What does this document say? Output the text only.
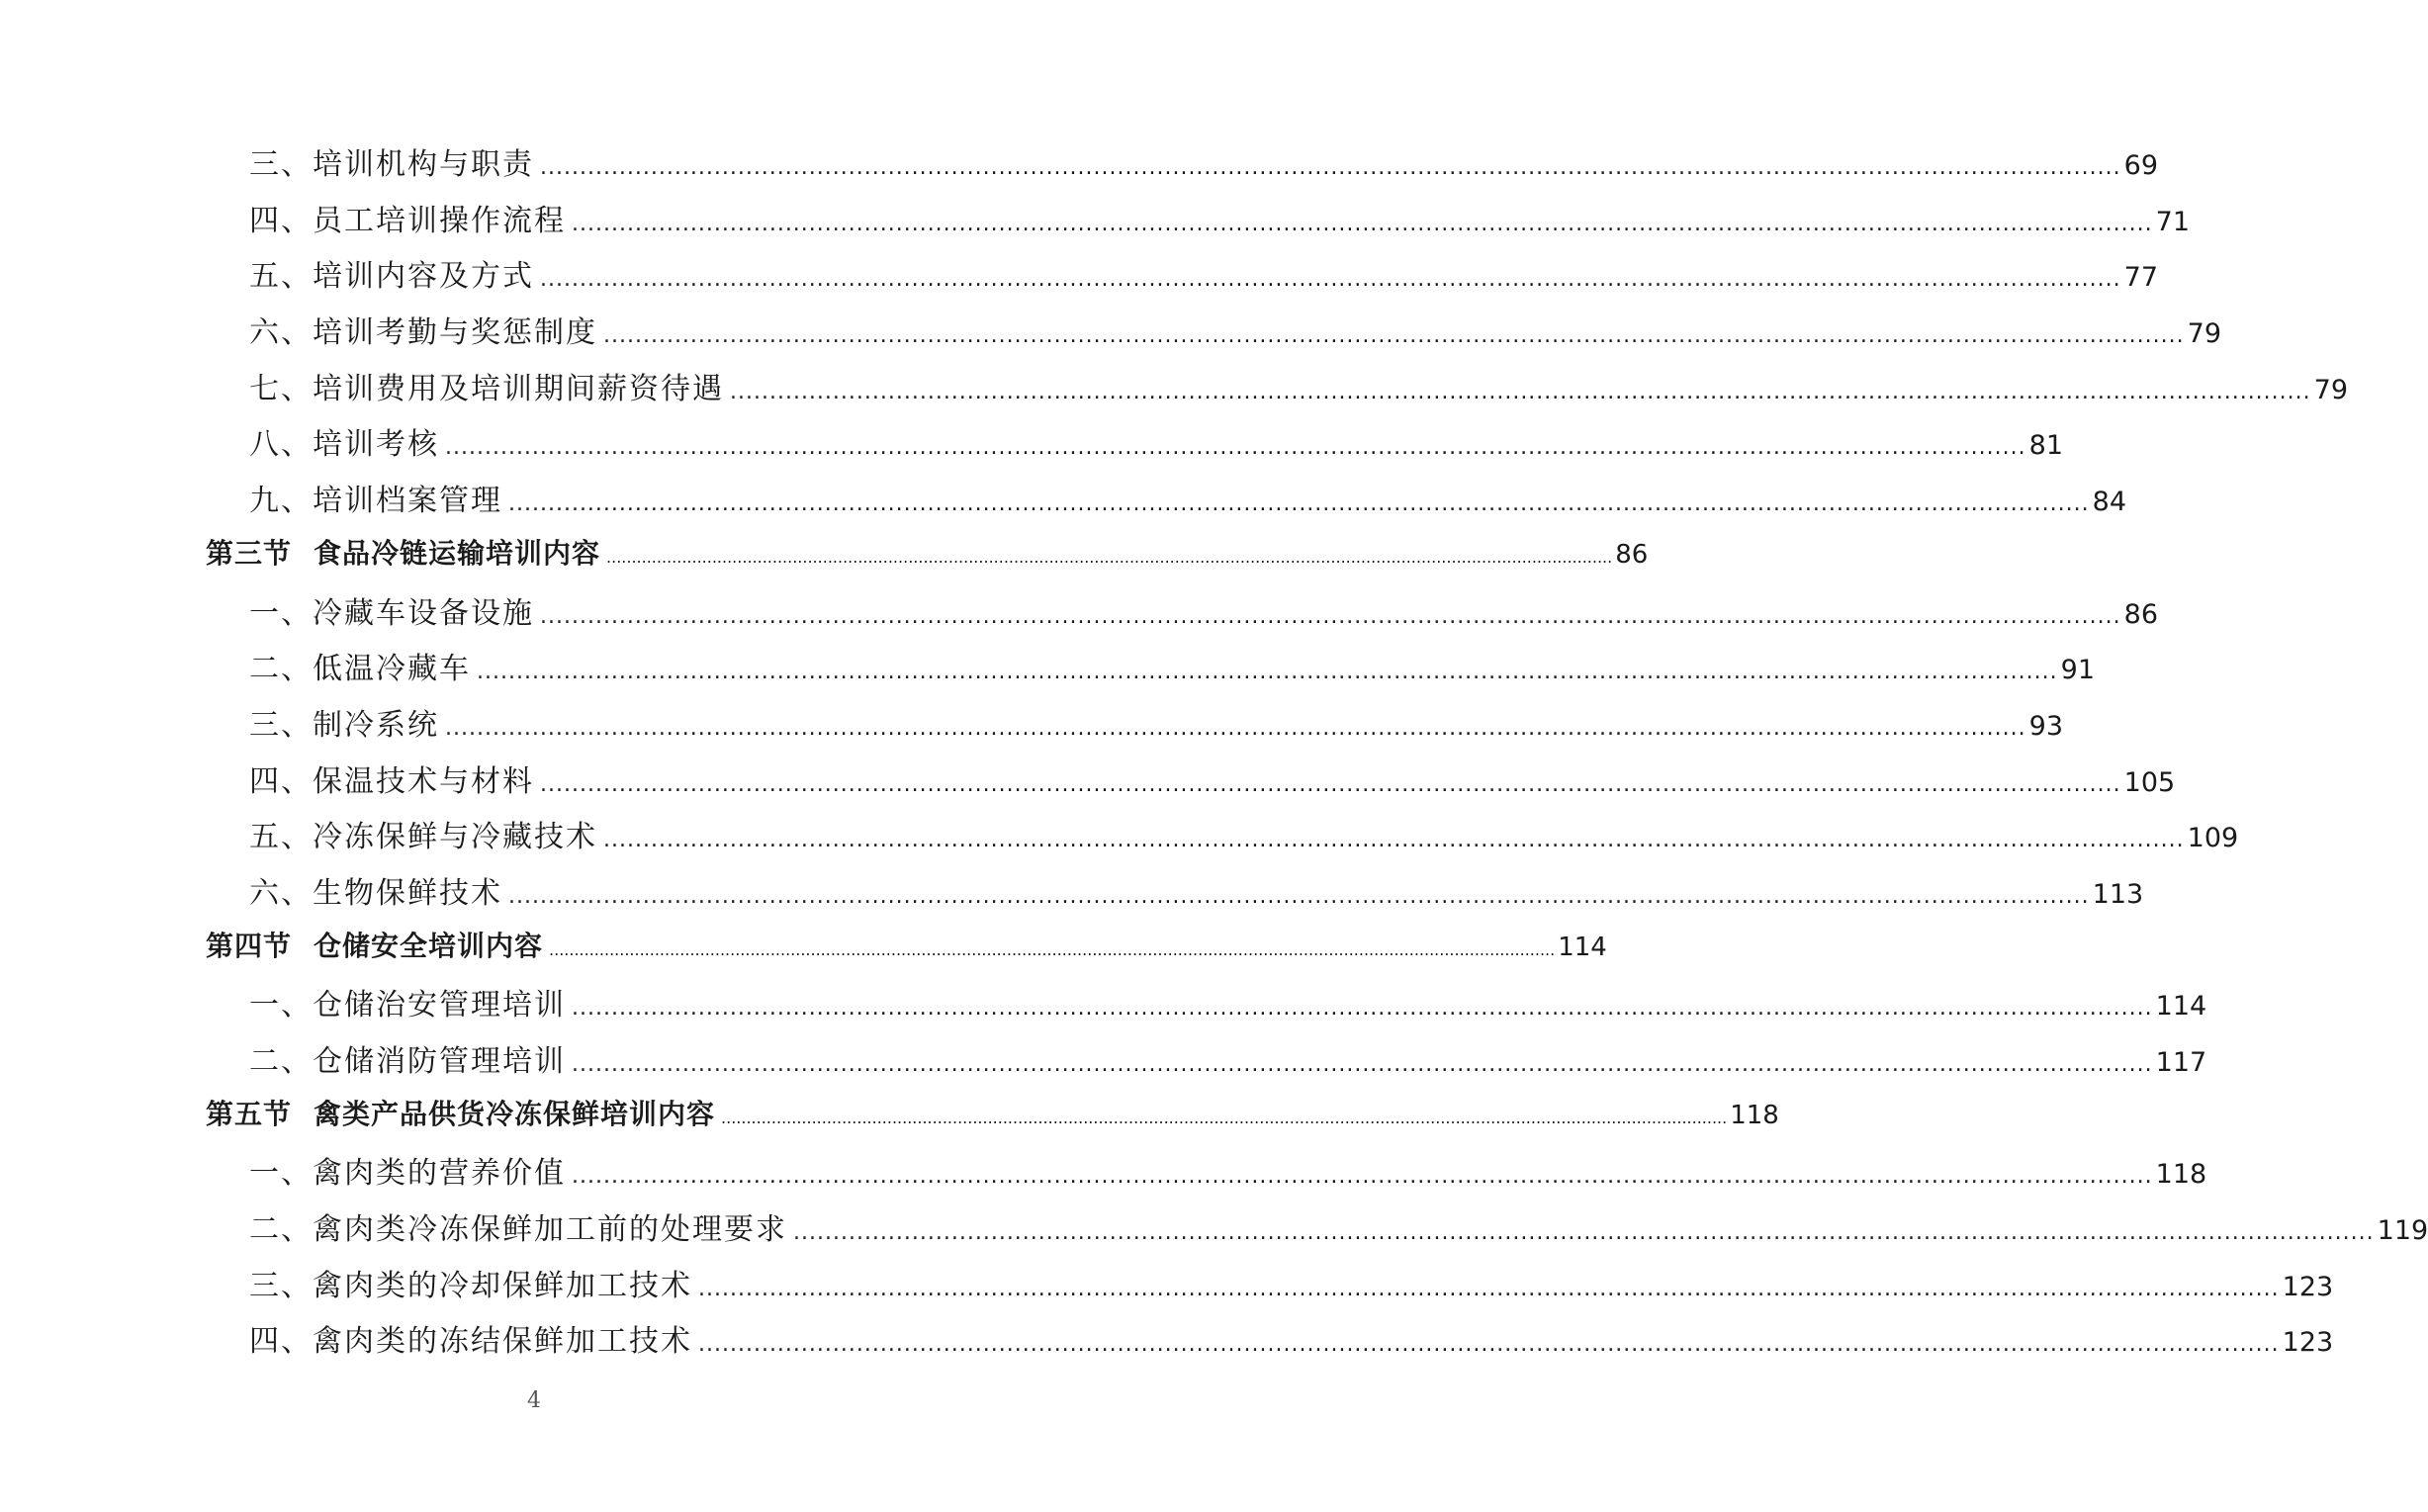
三、培训机构与职责 ........................................................................................................................................................................................................ 69
四、员工培训操作流程 ........................................................................................................................................................................................................ 71
五、培训内容及方式 ........................................................................................................................................................................................................ 77
六、培训考勤与奖惩制度 ........................................................................................................................................................................................................ 79
七、培训费用及培训期间薪资待遇 ........................................................................................................................................................................................................ 79
八、培训考核 ........................................................................................................................................................................................................ 81
九、培训档案管理 ........................................................................................................................................................................................................ 84
第三节 食品冷链运输培训内容 ........................................................................................................................................................................................................ 86
一、冷藏车设备设施 ........................................................................................................................................................................................................ 86
二、低温冷藏车 ........................................................................................................................................................................................................ 91
三、制冷系统 ........................................................................................................................................................................................................ 93
四、保温技术与材料 ........................................................................................................................................................................................................ 105
五、冷冻保鲜与冷藏技术 ........................................................................................................................................................................................................ 109
六、生物保鲜技术 ........................................................................................................................................................................................................ 113
第四节 仓储安全培训内容 ........................................................................................................................................................................................................ 114
一、仓储治安管理培训 ........................................................................................................................................................................................................ 114
二、仓储消防管理培训 ........................................................................................................................................................................................................ 117
第五节 禽类产品供货冷冻保鲜培训内容 ........................................................................................................................................................................................................ 118
一、禽肉类的营养价值 ........................................................................................................................................................................................................ 118
二、禽肉类冷冻保鲜加工前的处理要求 ........................................................................................................................................................................................................ 119
三、禽肉类的冷却保鲜加工技术 ........................................................................................................................................................................................................ 123
四、禽肉类的冻结保鲜加工技术 ........................................................................................................................................................................................................ 123
4
